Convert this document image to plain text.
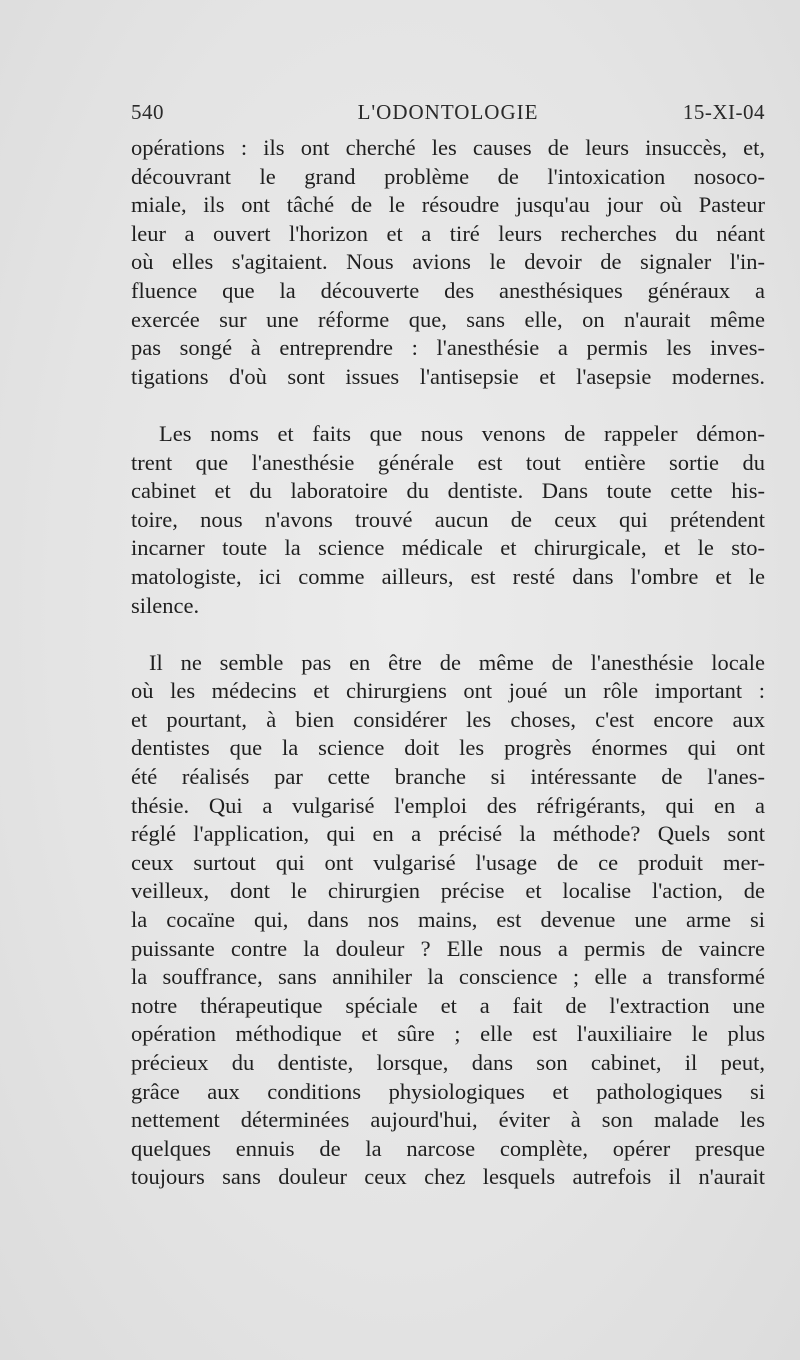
540	L'ODONTOLOGIE	15-XI-04
opérations : ils ont cherché les causes de leurs insuccès, et,
découvrant le grand problème de l'intoxication nosoco-
miale, ils ont tâché de le résoudre jusqu'au jour où Pasteur
leur a ouvert l'horizon et a tiré leurs recherches du néant
où elles s'agitaient. Nous avions le devoir de signaler l'in-
fluence que la découverte des anesthésiques généraux a
exercée sur une réforme que, sans elle, on n'aurait même
pas songé à entreprendre : l'anesthésie a permis les inves-
tigations d'où sont issues l'antisepsie et l'asepsie modernes.
Les noms et faits que nous venons de rappeler démon-
trent que l'anesthésie générale est tout entière sortie du
cabinet et du laboratoire du dentiste. Dans toute cette his-
toire, nous n'avons trouvé aucun de ceux qui prétendent
incarner toute la science médicale et chirurgicale, et le sto-
matologiste, ici comme ailleurs, est resté dans l'ombre et le
silence.
Il ne semble pas en être de même de l'anesthésie locale
où les médecins et chirurgiens ont joué un rôle important :
et pourtant, à bien considérer les choses, c'est encore aux
dentistes que la science doit les progrès énormes qui ont
été réalisés par cette branche si intéressante de l'anes-
thésie. Qui a vulgarisé l'emploi des réfrigérants, qui en a
réglé l'application, qui en a précisé la méthode? Quels sont
ceux surtout qui ont vulgarisé l'usage de ce produit mer-
veilleux, dont le chirurgien précise et localise l'action, de
la cocaïne qui, dans nos mains, est devenue une arme si
puissante contre la douleur ? Elle nous a permis de vaincre
la souffrance, sans annihiler la conscience ; elle a transformé
notre thérapeutique spéciale et a fait de l'extraction une
opération méthodique et sûre ; elle est l'auxiliaire le plus
précieux du dentiste, lorsque, dans son cabinet, il peut,
grâce aux conditions physiologiques et pathologiques si
nettement déterminées aujourd'hui, éviter à son malade les
quelques ennuis de la narcose complète, opérer presque
toujours sans douleur ceux chez lesquels autrefois il n'aurait
